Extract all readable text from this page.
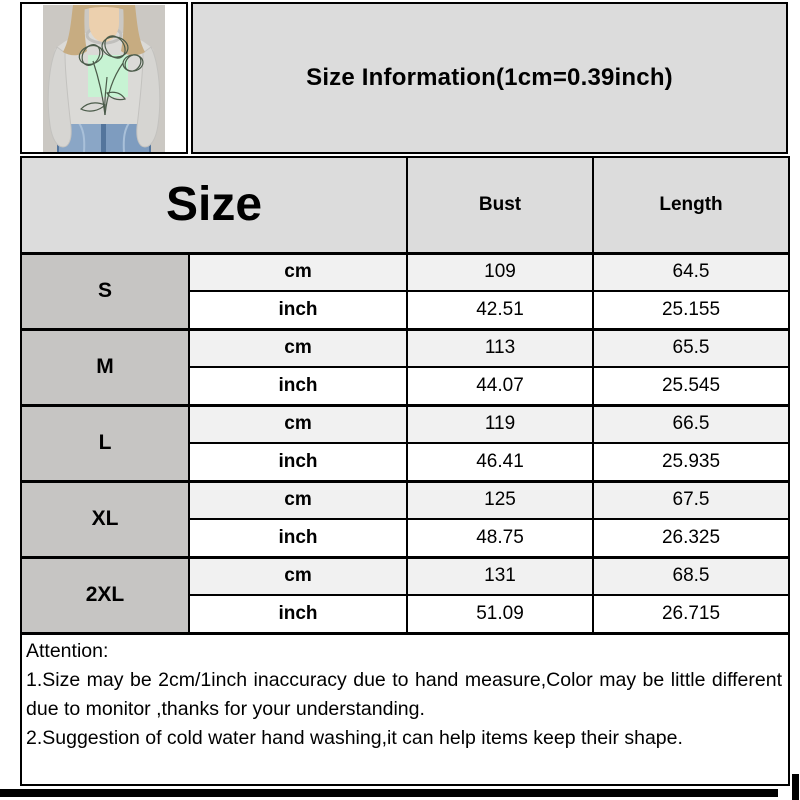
Size Information(1cm=0.39inch)
Size		Bust	Length
S	cm	109	64.5
	inch	42.51	25.155
M	cm	113	65.5
	inch	44.07	25.545
L	cm	119	66.5
	inch	46.41	25.935
XL	cm	125	67.5
	inch	48.75	26.325
2XL	cm	131	68.5
	inch	51.09	26.715

Attention:
1.Size may be 2cm/1inch inaccuracy due to hand measure,Color may be little different due to monitor ,thanks for your understanding.
2.Suggestion of cold water hand washing,it can help items keep their shape.			
